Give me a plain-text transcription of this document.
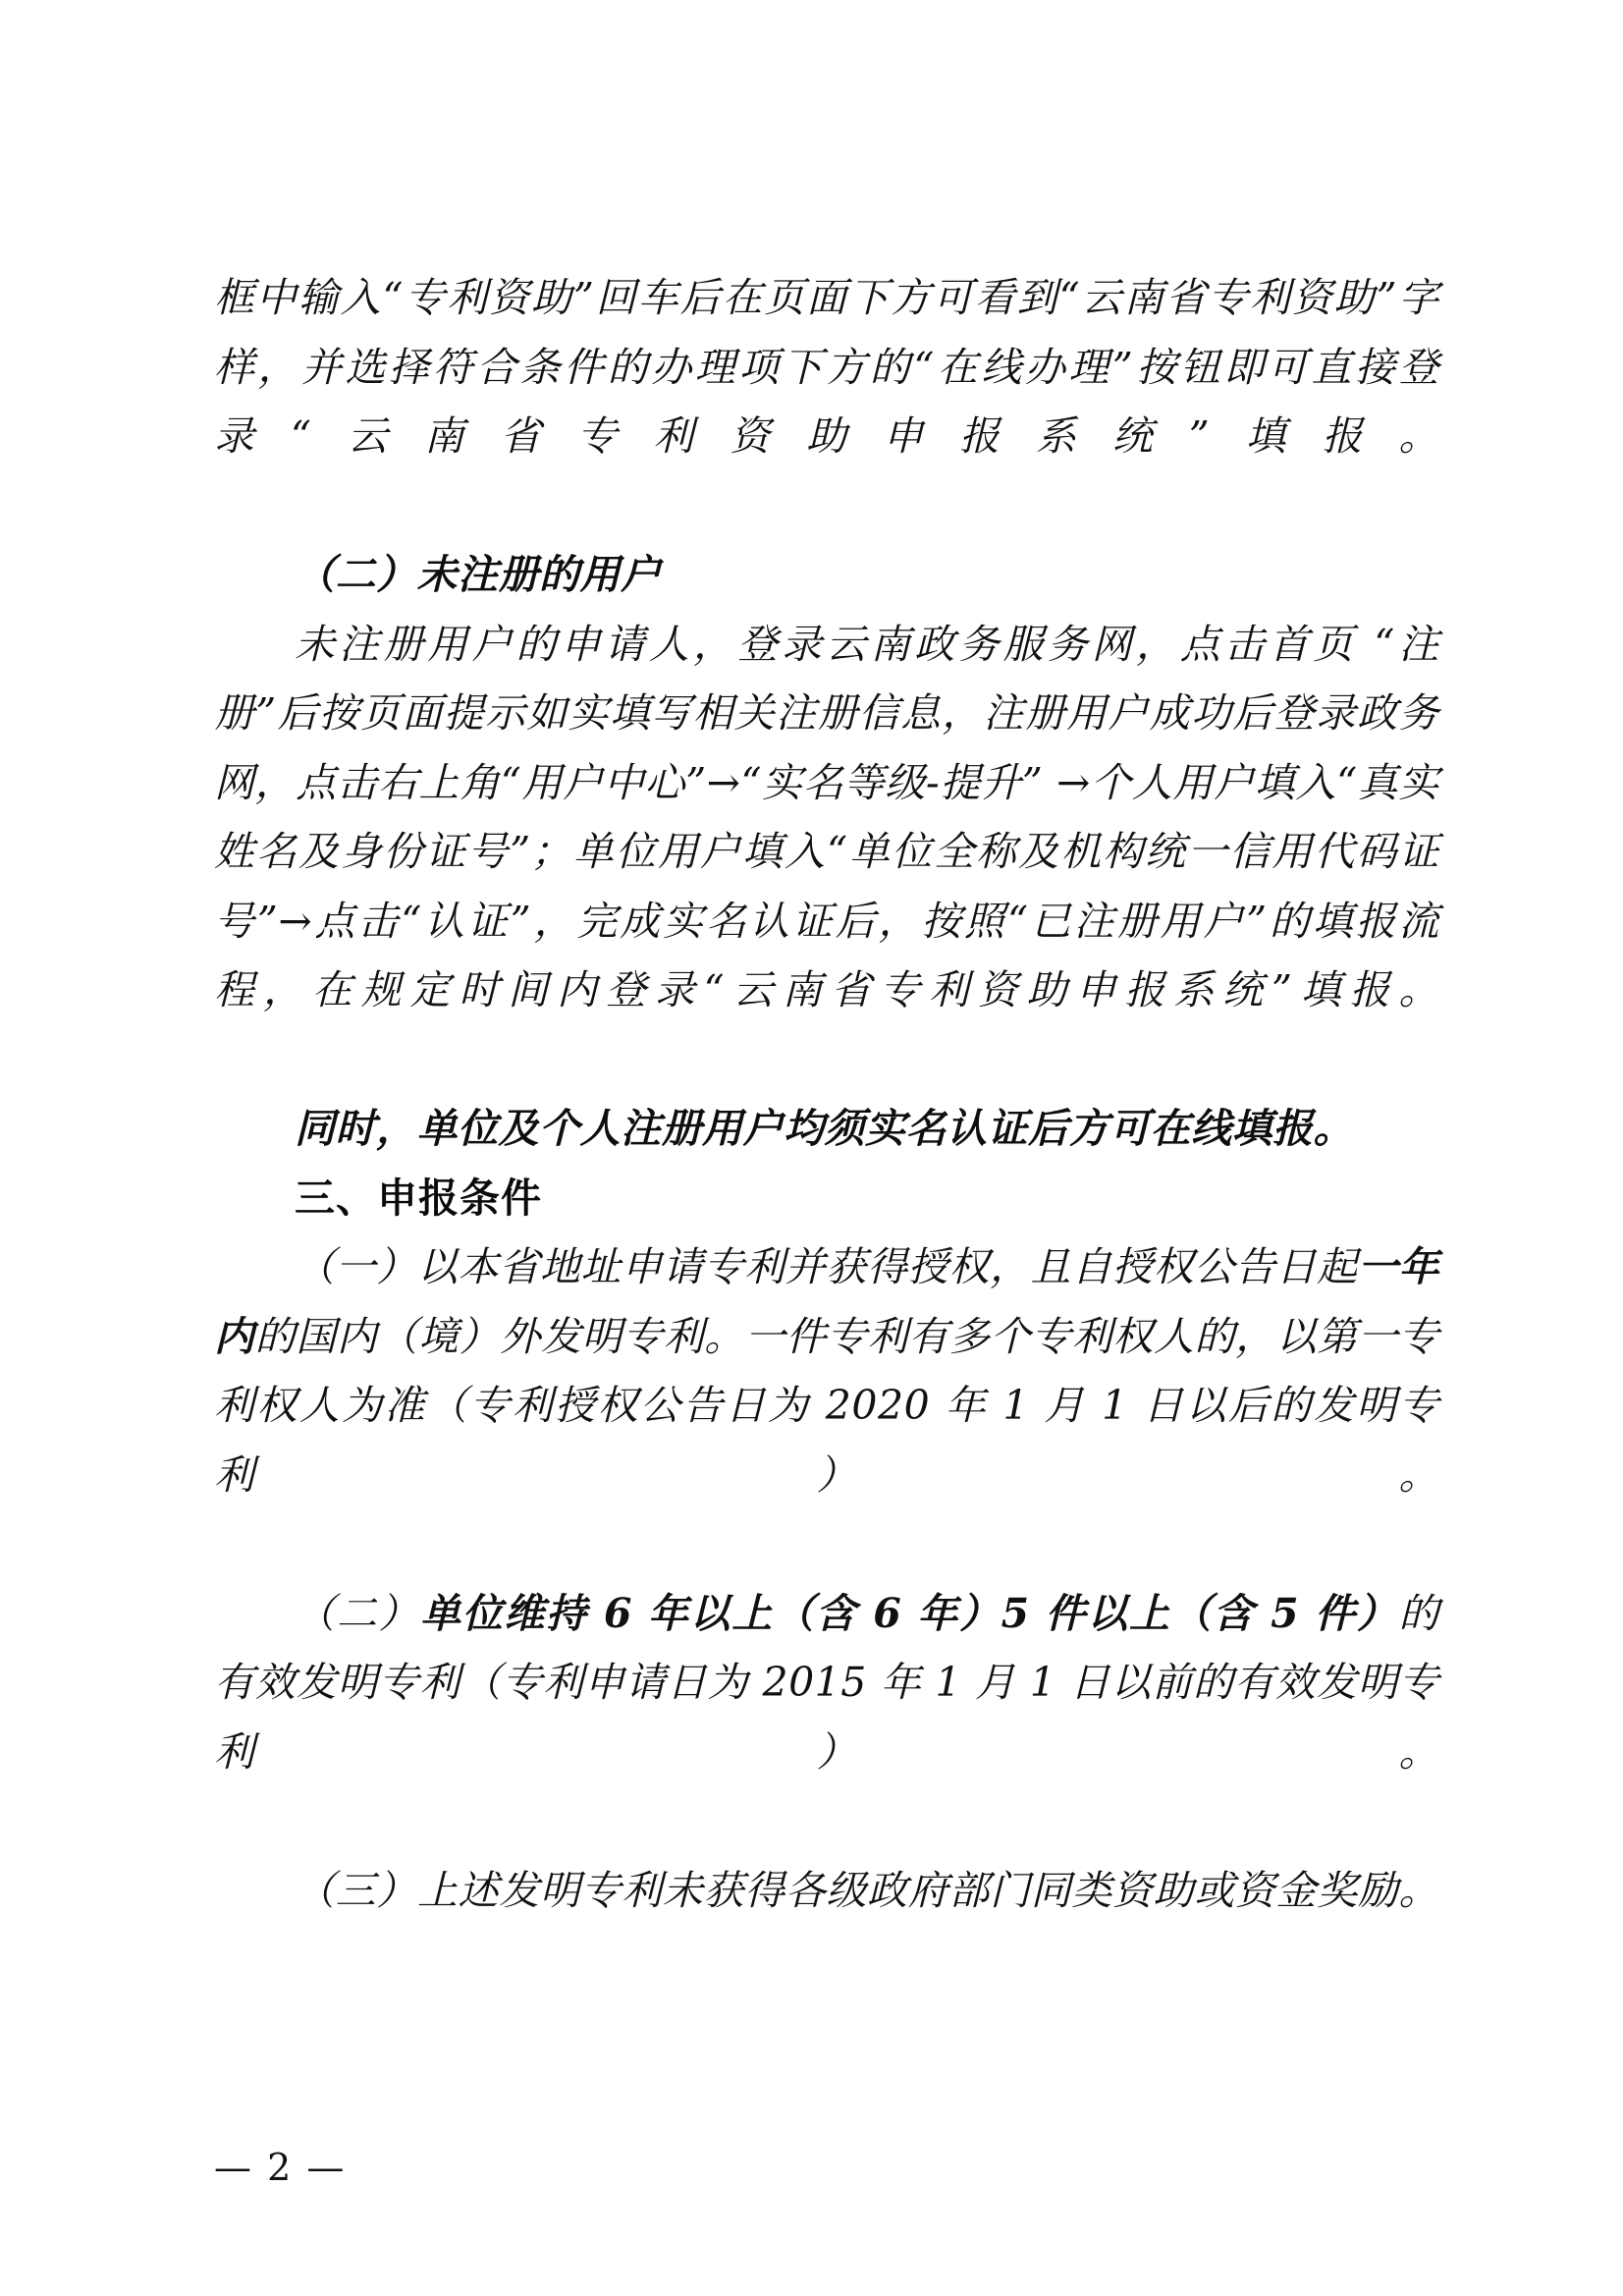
框中输入“专利资助”回车后在页面下方可看到“云南省专利资助”字样，并选择符合条件的办理项下方的“在线办理”按钮即可直接登录“云南省专利资助申报系统”填报。

（二）未注册的用户

未注册用户的申请人，登录云南政务服务网，点击首页 “注册”后按页面提示如实填写相关注册信息，注册用户成功后登录政务网，点击右上角“用户中心”→“实名等级-提升” →个人用户填入“真实姓名及身份证号”；单位用户填入“单位全称及机构统一信用代码证号”→点击“认证”，完成实名认证后，按照“已注册用户”的填报流程，在规定时间内登录“云南省专利资助申报系统”填报。

同时，单位及个人注册用户均须实名认证后方可在线填报。

三、申报条件

（一）以本省地址申请专利并获得授权，且自授权公告日起一年内的国内（境）外发明专利。一件专利有多个专利权人的，以第一专利权人为准（专利授权公告日为 2020 年 1 月 1 日以后的发明专利）。

（二）单位维持 6 年以上（含 6 年）5 件以上（含 5 件）的有效发明专利（专利申请日为 2015 年 1 月 1 日以前的有效发明专利）。

（三）上述发明专利未获得各级政府部门同类资助或资金奖励。

— 2 —
